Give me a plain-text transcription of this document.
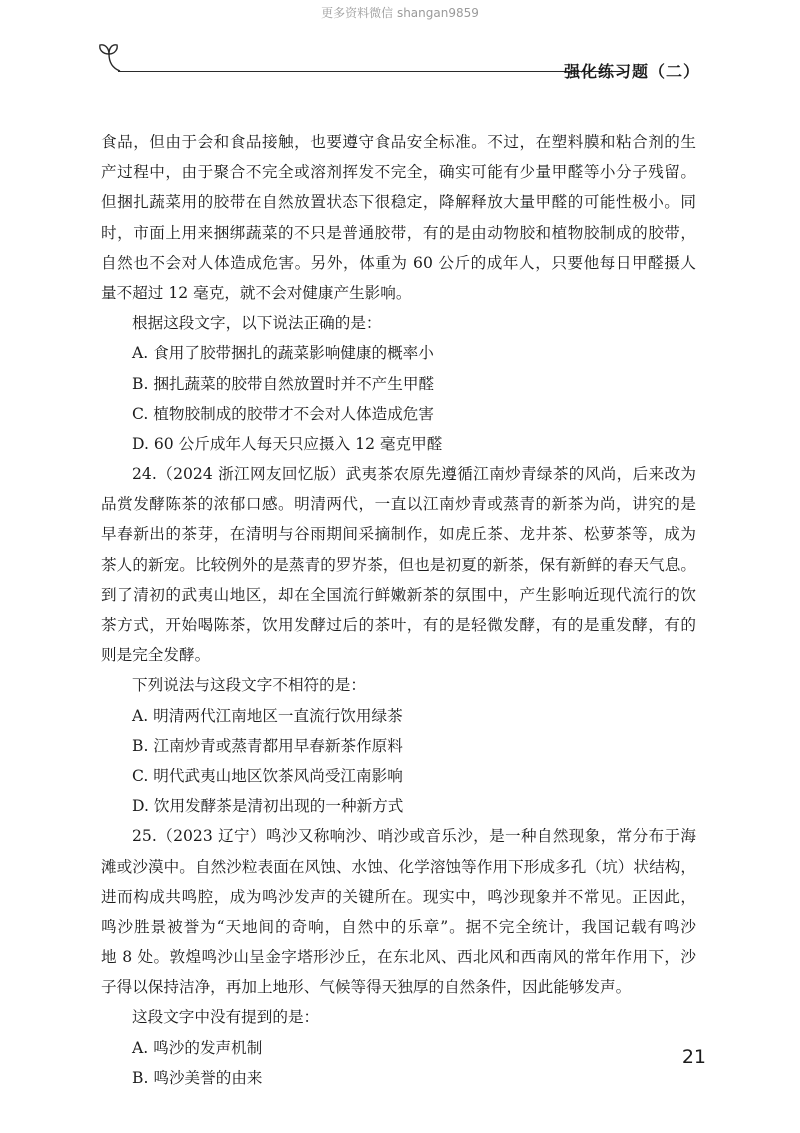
更多资料微信 shangan9859
强化练习题（二）
食品，但由于会和食品接触，也要遵守食品安全标准。不过，在塑料膜和粘合剂的生
产过程中，由于聚合不完全或溶剂挥发不完全，确实可能有少量甲醛等小分子残留。
但捆扎蔬菜用的胶带在自然放置状态下很稳定，降解释放大量甲醛的可能性极小。同
时，市面上用来捆绑蔬菜的不只是普通胶带，有的是由动物胶和植物胶制成的胶带，
自然也不会对人体造成危害。另外，体重为 60 公斤的成年人，只要他每日甲醛摄人
量不超过 12 毫克，就不会对健康产生影响。
根据这段文字，以下说法正确的是：
A. 食用了胶带捆扎的蔬菜影响健康的概率小
B. 捆扎蔬菜的胶带自然放置时并不产生甲醛
C. 植物胶制成的胶带才不会对人体造成危害
D. 60 公斤成年人每天只应摄入 12 毫克甲醛
24.（2024 浙江网友回忆版）武夷茶农原先遵循江南炒青绿茶的风尚，后来改为
品赏发酵陈茶的浓郁口感。明清两代，一直以江南炒青或蒸青的新茶为尚，讲究的是
早春新出的茶芽，在清明与谷雨期间采摘制作，如虎丘茶、龙井茶、松萝茶等，成为
茶人的新宠。比较例外的是蒸青的罗岕茶，但也是初夏的新茶，保有新鲜的春天气息。
到了清初的武夷山地区，却在全国流行鲜嫩新茶的氛围中，产生影响近现代流行的饮
茶方式，开始喝陈茶，饮用发酵过后的茶叶，有的是轻微发酵，有的是重发酵，有的
则是完全发酵。
下列说法与这段文字不相符的是：
A. 明清两代江南地区一直流行饮用绿茶
B. 江南炒青或蒸青都用早春新茶作原料
C. 明代武夷山地区饮茶风尚受江南影响
D. 饮用发酵茶是清初出现的一种新方式
25.（2023 辽宁）鸣沙又称响沙、哨沙或音乐沙，是一种自然现象，常分布于海
滩或沙漠中。自然沙粒表面在风蚀、水蚀、化学溶蚀等作用下形成多孔（坑）状结构，
进而构成共鸣腔，成为鸣沙发声的关键所在。现实中，鸣沙现象并不常见。正因此，
鸣沙胜景被誉为“天地间的奇响，自然中的乐章”。据不完全统计，我国记载有鸣沙
地 8 处。敦煌鸣沙山呈金字塔形沙丘，在东北风、西北风和西南风的常年作用下，沙
子得以保持洁净，再加上地形、气候等得天独厚的自然条件，因此能够发声。
这段文字中没有提到的是：
A. 鸣沙的发声机制
B. 鸣沙美誉的由来
21
